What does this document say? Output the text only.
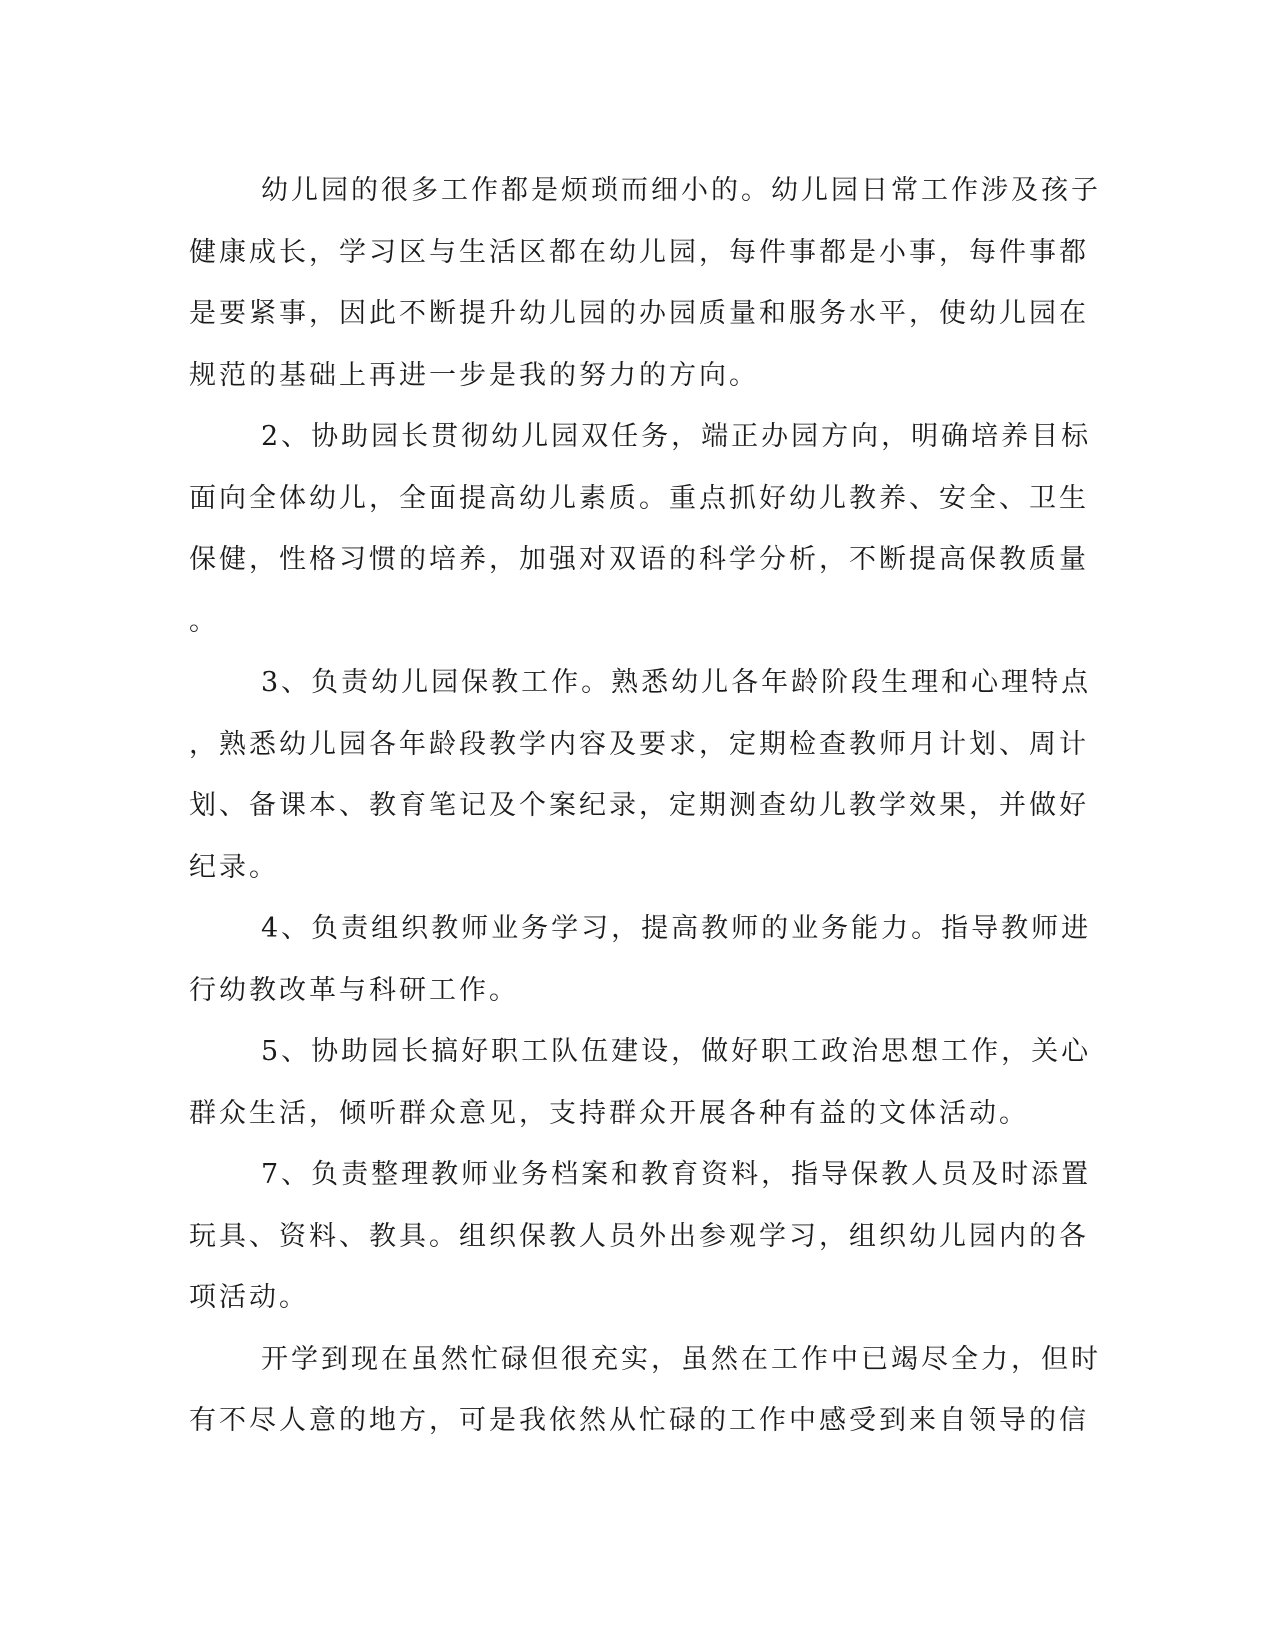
幼儿园的很多工作都是烦琐而细小的。幼儿园日常工作涉及孩子
健康成长，学习区与生活区都在幼儿园，每件事都是小事，每件事都
是要紧事，因此不断提升幼儿园的办园质量和服务水平，使幼儿园在
规范的基础上再进一步是我的努力的方向。

2、协助园长贯彻幼儿园双任务，端正办园方向，明确培养目标
面向全体幼儿，全面提高幼儿素质。重点抓好幼儿教养、安全、卫生
保健，性格习惯的培养，加强对双语的科学分析，不断提高保教质量
。

3、负责幼儿园保教工作。熟悉幼儿各年龄阶段生理和心理特点
，熟悉幼儿园各年龄段教学内容及要求，定期检查教师月计划、周计
划、备课本、教育笔记及个案纪录，定期测查幼儿教学效果，并做好
纪录。

4、负责组织教师业务学习，提高教师的业务能力。指导教师进
行幼教改革与科研工作。

5、协助园长搞好职工队伍建设，做好职工政治思想工作，关心
群众生活，倾听群众意见，支持群众开展各种有益的文体活动。

7、负责整理教师业务档案和教育资料，指导保教人员及时添置
玩具、资料、教具。组织保教人员外出参观学习，组织幼儿园内的各
项活动。

开学到现在虽然忙碌但很充实，虽然在工作中已竭尽全力，但时
有不尽人意的地方，可是我依然从忙碌的工作中感受到来自领导的信
